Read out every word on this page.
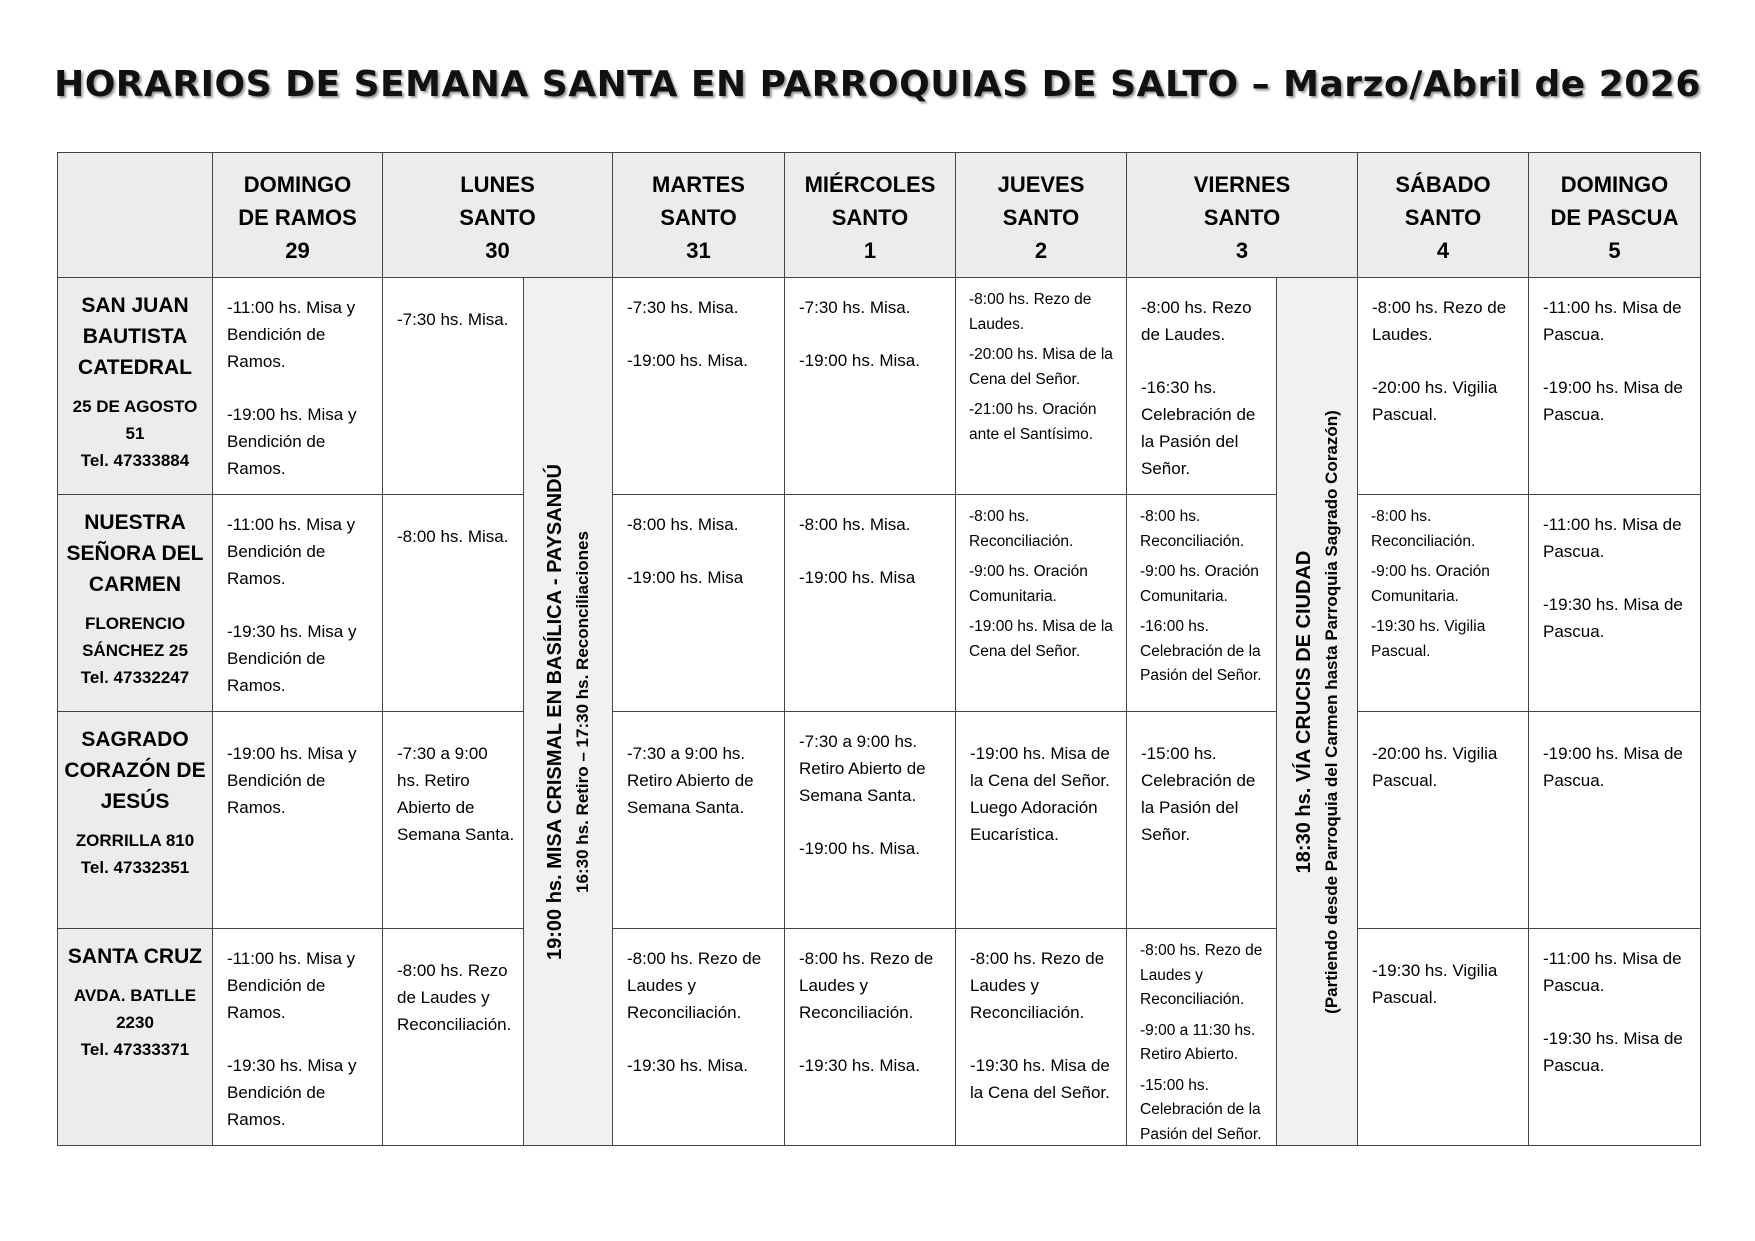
HORARIOS DE SEMANA SANTA EN PARROQUIAS DE SALTO – Marzo/Abril de 2026
DOMINGO
DE RAMOS
29
LUNES
SANTO
30
MARTES
SANTO
31
MIÉRCOLES
SANTO
1
JUEVES
SANTO
2
VIERNES
SANTO
3
SÁBADO
SANTO
4
DOMINGO
DE PASCUA
5
SAN JUAN BAUTISTA CATEDRAL
25 DE AGOSTO 51
Tel. 47333884
-11:00 hs. Misa y Bendición de Ramos.
-19:00 hs. Misa y Bendición de Ramos.
-7:30 hs. Misa.
-7:30 hs. Misa.
-19:00 hs. Misa.
-7:30 hs. Misa.
-19:00 hs. Misa.
-8:00 hs. Rezo de Laudes.
-20:00 hs. Misa de la Cena del Señor.
-21:00 hs. Oración ante el Santísimo.
-8:00 hs. Rezo de Laudes.
-16:30 hs. Celebración de la Pasión del Señor.
-8:00 hs. Rezo de Laudes.
-20:00 hs. Vigilia Pascual.
-11:00 hs. Misa de Pascua.
-19:00 hs. Misa de Pascua.
NUESTRA SEÑORA DEL CARMEN
FLORENCIO SÁNCHEZ 25
Tel. 47332247
-11:00 hs. Misa y Bendición de Ramos.
-19:30 hs. Misa y Bendición de Ramos.
-8:00 hs. Misa.
-8:00 hs. Misa.
-19:00 hs. Misa
-8:00 hs. Misa.
-19:00 hs. Misa
-8:00 hs. Reconciliación.
-9:00 hs. Oración Comunitaria.
-19:00 hs. Misa de la Cena del Señor.
-8:00 hs. Reconciliación.
-9:00 hs. Oración Comunitaria.
-16:00 hs. Celebración de la Pasión del Señor.
-8:00 hs. Reconciliación.
-9:00 hs. Oración Comunitaria.
-19:30 hs. Vigilia Pascual.
-11:00 hs. Misa de Pascua.
-19:30 hs. Misa de Pascua.
SAGRADO CORAZÓN DE JESÚS
ZORRILLA 810
Tel. 47332351
-19:00 hs. Misa y Bendición de Ramos.
-7:30 a 9:00 hs. Retiro Abierto de Semana Santa.
-7:30 a 9:00 hs. Retiro Abierto de Semana Santa.
-7:30 a 9:00 hs. Retiro Abierto de Semana Santa.
-19:00 hs. Misa.
-19:00 hs. Misa de la Cena del Señor. Luego Adoración Eucarística.
-15:00 hs. Celebración de la Pasión del Señor.
-20:00 hs. Vigilia Pascual.
-19:00 hs. Misa de Pascua.
SANTA CRUZ
AVDA. BATLLE 2230
Tel. 47333371
-11:00 hs. Misa y Bendición de Ramos.
-19:30 hs. Misa y Bendición de Ramos.
-8:00 hs. Rezo de Laudes y Reconciliación.
-8:00 hs. Rezo de Laudes y Reconciliación.
-19:30 hs. Misa.
-8:00 hs. Rezo de Laudes y Reconciliación.
-19:30 hs. Misa.
-8:00 hs. Rezo de Laudes y Reconciliación.
-19:30 hs. Misa de la Cena del Señor.
-8:00 hs. Rezo de Laudes y Reconciliación.
-9:00 a 11:30 hs. Retiro Abierto.
-15:00 hs. Celebración de la Pasión del Señor.
-19:30 hs. Vigilia Pascual.
-11:00 hs. Misa de Pascua.
-19:30 hs. Misa de Pascua.
19:00 hs. MISA CRISMAL EN BASÍLICA - PAYSANDÚ 16:30 hs. Retiro – 17:30 hs. Reconciliaciones	18:30 hs. VÍA CRUCIS DE CIUDAD (Partiendo desde Parroquia del Carmen hasta Parroquia Sagrado Corazón)
